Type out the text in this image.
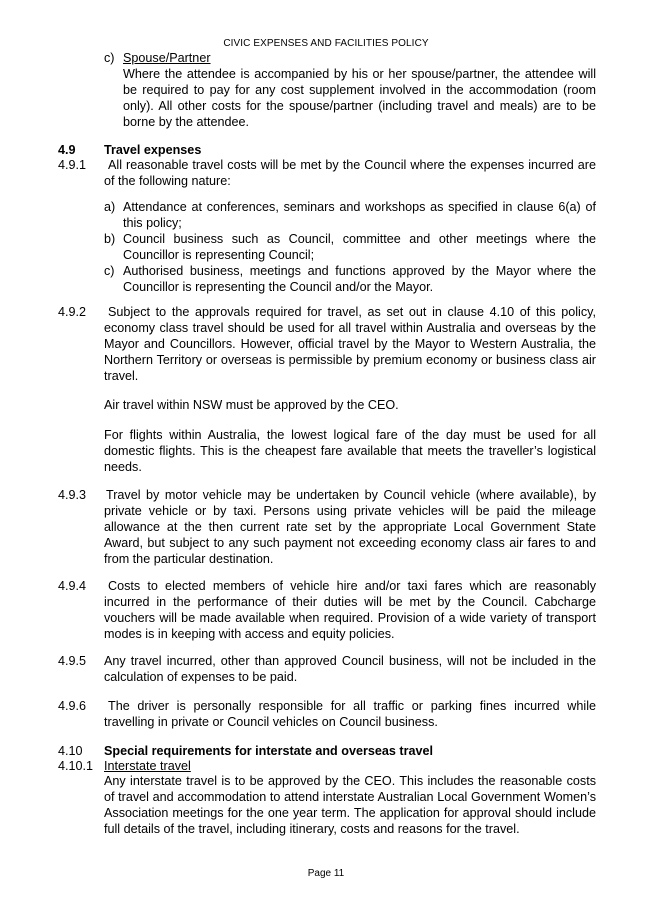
CIVIC EXPENSES AND FACILITIES POLICY
c) Spouse/Partner
Where the attendee is accompanied by his or her spouse/partner, the attendee will be required to pay for any cost supplement involved in the accommodation (room only). All other costs for the spouse/partner (including travel and meals) are to be borne by the attendee.
4.9 Travel expenses
4.9.1	All reasonable travel costs will be met by the Council where the expenses incurred are of the following nature:
a) Attendance at conferences, seminars and workshops as specified in clause 6(a) of this policy;
b) Council business such as Council, committee and other meetings where the Councillor is representing Council;
c) Authorised business, meetings and functions approved by the Mayor where the Councillor is representing the Council and/or the Mayor.
4.9.2	Subject to the approvals required for travel, as set out in clause 4.10 of this policy, economy class travel should be used for all travel within Australia and overseas by the Mayor and Councillors. However, official travel by the Mayor to Western Australia, the Northern Territory or overseas is permissible by premium economy or business class air travel.
Air travel within NSW must be approved by the CEO.
For flights within Australia, the lowest logical fare of the day must be used for all domestic flights. This is the cheapest fare available that meets the traveller’s logistical needs.
4.9.3 Travel by motor vehicle may be undertaken by Council vehicle (where available), by private vehicle or by taxi. Persons using private vehicles will be paid the mileage allowance at the then current rate set by the appropriate Local Government State Award, but subject to any such payment not exceeding economy class air fares to and from the particular destination.
4.9.4	Costs to elected members of vehicle hire and/or taxi fares which are reasonably incurred in the performance of their duties will be met by the Council. Cabcharge vouchers will be made available when required. Provision of a wide variety of transport modes is in keeping with access and equity policies.
4.9.5 Any travel incurred, other than approved Council business, will not be included in the calculation of expenses to be paid.
4.9.6	The driver is personally responsible for all traffic or parking fines incurred while travelling in private or Council vehicles on Council business.
4.10 Special requirements for interstate and overseas travel
4.10.1 Interstate travel
Any interstate travel is to be approved by the CEO. This includes the reasonable costs of travel and accommodation to attend interstate Australian Local Government Women’s Association meetings for the one year term. The application for approval should include full details of the travel, including itinerary, costs and reasons for the travel.
Page 11
